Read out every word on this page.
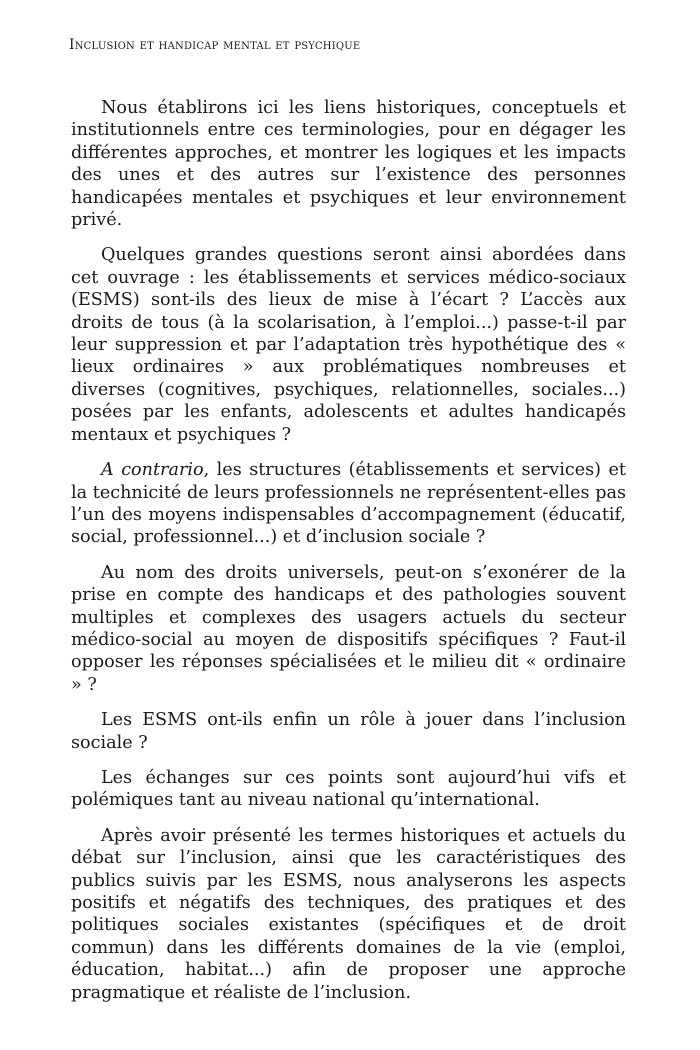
Inclusion et handicap mental et psychique

Nous établirons ici les liens historiques, conceptuels et institutionnels entre ces terminologies, pour en dégager les différentes approches, et montrer les logiques et les impacts des unes et des autres sur l’existence des personnes handicapées mentales et psychiques et leur environnement privé.

Quelques grandes questions seront ainsi abordées dans cet ouvrage : les établissements et services médico-sociaux (ESMS) sont-ils des lieux de mise à l’écart ? L’accès aux droits de tous (à la scolarisation, à l’emploi...) passe-t-il par leur suppression et par l’adaptation très hypothétique des « lieux ordinaires » aux problématiques nombreuses et diverses (cognitives, psychiques, relationnelles, sociales...) posées par les enfants, adolescents et adultes handicapés mentaux et psychiques ?

A contrario, les structures (établissements et services) et la technicité de leurs professionnels ne représentent-elles pas l’un des moyens indispensables d’accompagnement (éducatif, social, professionnel...) et d’inclusion sociale ?

Au nom des droits universels, peut-on s’exonérer de la prise en compte des handicaps et des pathologies souvent multiples et complexes des usagers actuels du secteur médico-social au moyen de dispositifs spécifiques ? Faut-il opposer les réponses spécialisées et le milieu dit « ordinaire » ?

Les ESMS ont-ils enfin un rôle à jouer dans l’inclusion sociale ?

Les échanges sur ces points sont aujourd’hui vifs et polémiques tant au niveau national qu’international.

Après avoir présenté les termes historiques et actuels du débat sur l’inclusion, ainsi que les caractéristiques des publics suivis par les ESMS, nous analyserons les aspects positifs et négatifs des techniques, des pratiques et des politiques sociales existantes (spécifiques et de droit commun) dans les différents domaines de la vie (emploi, éducation, habitat...) afin de proposer une approche pragmatique et réaliste de l’inclusion.
